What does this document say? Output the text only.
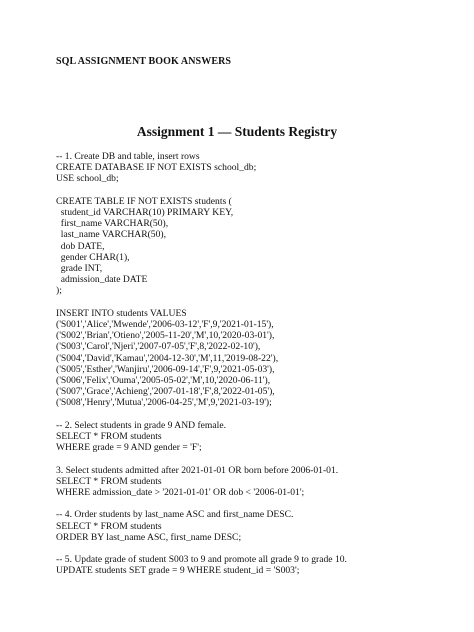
SQL ASSIGNMENT BOOK ANSWERS

Assignment 1 — Students Registry
-- 1. Create DB and table, insert rows
CREATE DATABASE IF NOT EXISTS school_db;
USE school_db;
CREATE TABLE IF NOT EXISTS students (
student_id VARCHAR(10) PRIMARY KEY,
first_name VARCHAR(50),
last_name VARCHAR(50),
dob DATE,
gender CHAR(1),
grade INT,
admission_date DATE
);
INSERT INTO students VALUES
('S001','Alice','Mwende','2006-03-12','F',9,'2021-01-15'),
('S002','Brian','Otieno','2005-11-20','M',10,'2020-03-01'),
('S003','Carol','Njeri','2007-07-05','F',8,'2022-02-10'),
('S004','David','Kamau','2004-12-30','M',11,'2019-08-22'),
('S005','Esther','Wanjiru','2006-09-14','F',9,'2021-05-03'),
('S006','Felix','Ouma','2005-05-02','M',10,'2020-06-11'),
('S007','Grace','Achieng','2007-01-18','F',8,'2022-01-05'),
('S008','Henry','Mutua','2006-04-25','M',9,'2021-03-19');
-- 2. Select students in grade 9 AND female.
SELECT * FROM students
WHERE grade = 9 AND gender = 'F';
3. Select students admitted after 2021-01-01 OR born before 2006-01-01.
SELECT * FROM students
WHERE admission_date > '2021-01-01' OR dob < '2006-01-01';
-- 4. Order students by last_name ASC and first_name DESC.
SELECT * FROM students
ORDER BY last_name ASC, first_name DESC;
-- 5. Update grade of student S003 to 9 and promote all grade 9 to grade 10.
UPDATE students SET grade = 9 WHERE student_id = 'S003';
